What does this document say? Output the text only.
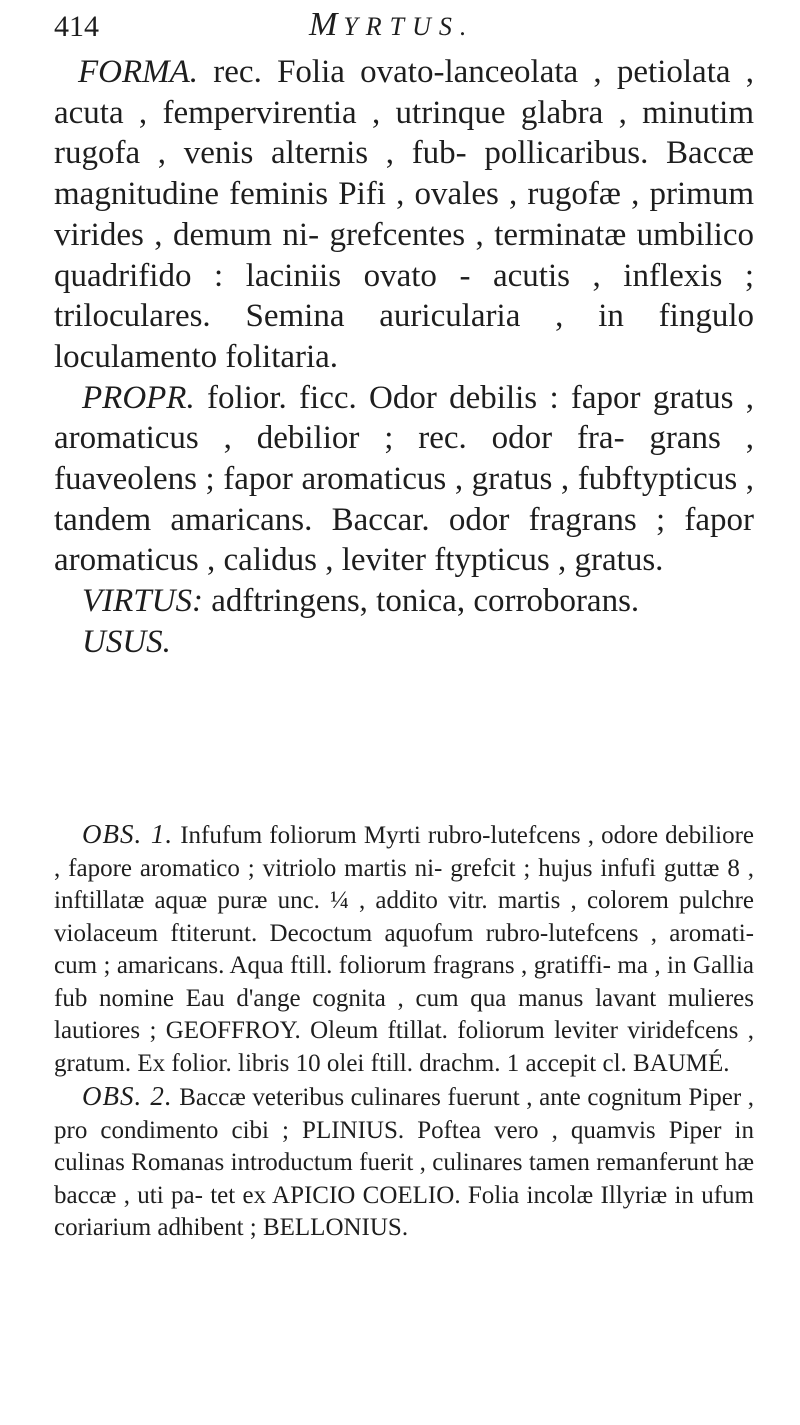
414	MYRTUS.

FORMA. rec. Folia ovato-lanceolata , petiolata , acuta , fempervirentia , utrinque glabra , minutim rugofa , venis alternis , fub- pollicaribus. Baccæ magnitudine feminis Pifi , ovales , rugofæ , primum virides , demum ni- grefcentes , terminatæ umbilico quadrifido : laciniis ovato - acutis , inflexis ; triloculares. Semina auricularia , in fingulo loculamento folitaria.

PROPR. folior. ficc. Odor debilis : fapor gratus , aromaticus , debilior ; rec. odor fra- grans , fuaveolens ; fapor aromaticus , gratus , fubftypticus , tandem amaricans. Baccar. odor fragrans ; fapor aromaticus , calidus , leviter ftypticus , gratus.

VIRTUS: adftringens, tonica, corroborans.

USUS.

OBS. 1. Infufum foliorum Myrti rubro-lutefcens , odore debiliore , fapore aromatico ; vitriolo martis ni- grefcit ; hujus infufi guttæ 8 , inftillatæ aquæ puræ unc. ¼ , addito vitr. martis , colorem pulchre violaceum ftiterunt. Decoctum aquofum rubro-lutefcens , aromati- cum ; amaricans. Aqua ftill. foliorum fragrans , gratiffi- ma , in Gallia fub nomine Eau d'ange cognita , cum qua manus lavant mulieres lautiores ; GEOFFROY. Oleum ftillat. foliorum leviter viridefcens , gratum. Ex folior. libris 10 olei ftill. drachm. 1 accepit cl. BAUMÉ.

OBS. 2. Baccæ veteribus culinares fuerunt , ante cognitum Piper , pro condimento cibi ; PLINIUS. Poftea vero , quamvis Piper in culinas Romanas introductum fuerit , culinares tamen remanferunt hæ baccæ , uti pa- tet ex APICIO COELIO. Folia incolæ Illyriæ in ufum coriarium adhibent ; BELLONIUS.
